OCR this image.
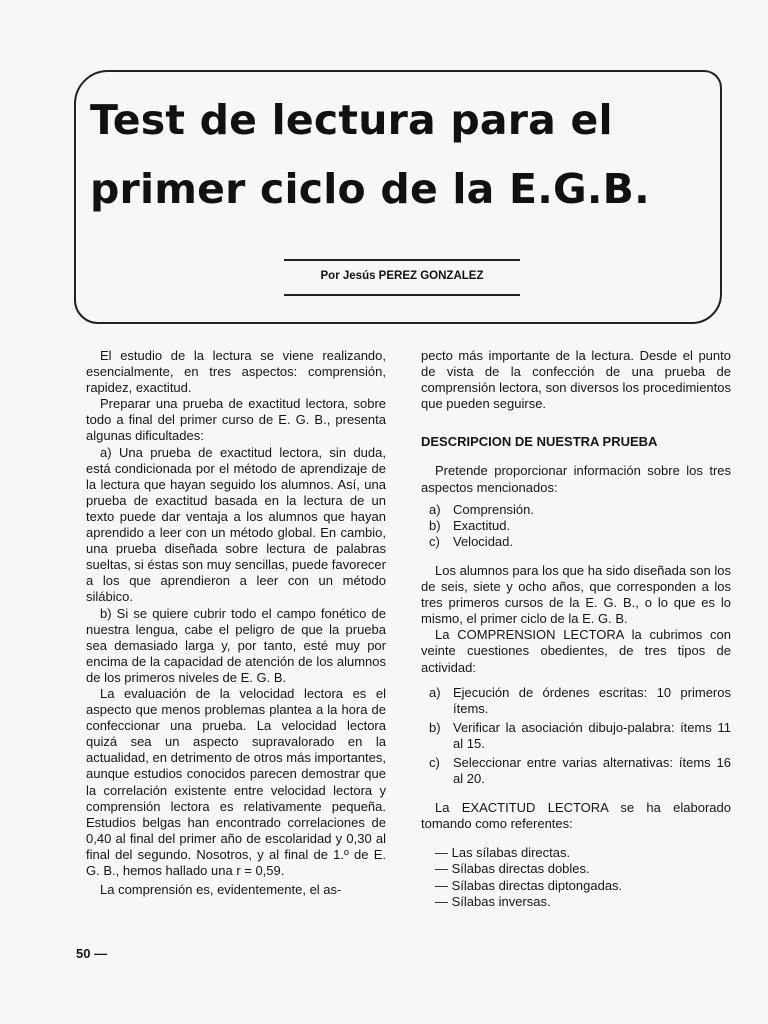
Test de lectura para el
primer ciclo de la E.G.B.
Por Jesús PEREZ GONZALEZ

El estudio de la lectura se viene realizando, esencialmente, en tres aspectos: comprensión, rapidez, exactitud.

Preparar una prueba de exactitud lectora, sobre todo a final del primer curso de E. G. B., presenta algunas dificultades:

a) Una prueba de exactitud lectora, sin duda, está condicionada por el método de aprendizaje de la lectura que hayan seguido los alumnos. Así, una prueba de exactitud basada en la lectura de un texto puede dar ventaja a los alumnos que hayan aprendido a leer con un método global. En cambio, una prueba diseñada sobre lectura de palabras sueltas, si éstas son muy sencillas, puede favorecer a los que aprendieron a leer con un método silábico.

b) Si se quiere cubrir todo el campo fonético de nuestra lengua, cabe el peligro de que la prueba sea demasiado larga y, por tanto, esté muy por encima de la capacidad de atención de los alumnos de los primeros niveles de E. G. B.

La evaluación de la velocidad lectora es el aspecto que menos problemas plantea a la hora de confeccionar una prueba. La velocidad lectora quizá sea un aspecto supravalorado en la actualidad, en detrimento de otros más importantes, aunque estudios conocidos parecen demostrar que la correlación existente entre velocidad lectora y comprensión lectora es relativamente pequeña. Estudios belgas han encontrado correlaciones de 0,40 al final del primer año de escolaridad y 0,30 al final del segundo. Nosotros, y al final de 1.º de E. G. B., hemos hallado una r = 0,59.

La comprensión es, evidentemente, el as-

pecto más importante de la lectura. Desde el punto de vista de la confección de una prueba de comprensión lectora, son diversos los procedimientos que pueden seguirse.

DESCRIPCION DE NUESTRA PRUEBA

Pretende proporcionar información sobre los tres aspectos mencionados:

a) Comprensión.
b) Exactitud.
c)	Velocidad.

Los alumnos para los que ha sido diseñada son los de seis, siete y ocho años, que corresponden a los tres primeros cursos de la E. G. B., o lo que es lo mismo, el primer ciclo de la E. G. B.

La COMPRENSION LECTORA la cubrimos con veinte cuestiones obedientes, de tres tipos de actividad:

a) Ejecución de órdenes escritas: 10 primeros ítems.
b) Verificar la asociación dibujo-palabra: ítems 11 al 15.
c)	Seleccionar entre varias alternativas: ítems 16 al 20.

La EXACTITUD LECTORA se ha elaborado tomando como referentes:

— Las sílabas directas.
— Sílabas directas dobles.
— Sílabas directas diptongadas.
— Sílabas inversas.
50 —
